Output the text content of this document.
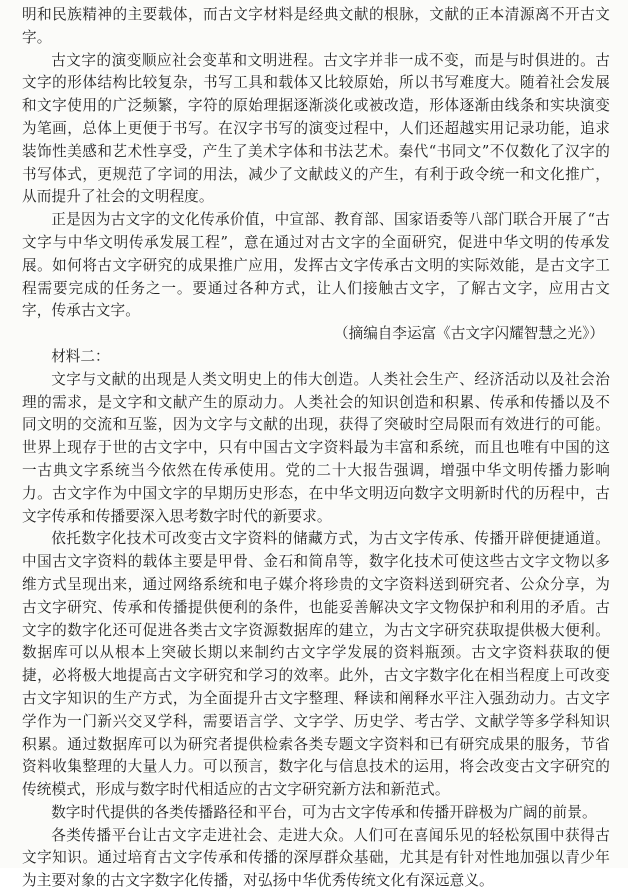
明和民族精神的主要载体，而古文字材料是经典文献的根脉，文献的正本清源离不开古文字。

古文字的演变顺应社会变革和文明进程。古文字并非一成不变，而是与时俱进的。古文字的形体结构比较复杂，书写工具和载体又比较原始，所以书写难度大。随着社会发展和文字使用的广泛频繁，字符的原始理据逐渐淡化或被改造，形体逐渐由线条和实块演变为笔画，总体上更便于书写。在汉字书写的演变过程中，人们还超越实用记录功能，追求装饰性美感和艺术性享受，产生了美术字体和书法艺术。秦代“书同文”不仅数化了汉字的书写体式，更规范了字词的用法，减少了文献歧义的产生，有利于政令统一和文化推广，从而提升了社会的文明程度。

正是因为古文字的文化传承价值，中宣部、教育部、国家语委等八部门联合开展了“古文字与中华文明传承发展工程”，意在通过对古文字的全面研究，促进中华文明的传承发展。如何将古文字研究的成果推广应用，发挥古文字传承古文明的实际效能，是古文字工程需要完成的任务之一。要通过各种方式，让人们接触古文字，了解古文字，应用古文字，传承古文字。

（摘编自李运富《古文字闪耀智慧之光》）

材料二：

文字与文献的出现是人类文明史上的伟大创造。人类社会生产、经济活动以及社会治理的需求，是文字和文献产生的原动力。人类社会的知识创造和积累、传承和传播以及不同文明的交流和互鉴，因为文字与文献的出现，获得了突破时空局限而有效进行的可能。世界上现存于世的古文字中，只有中国古文字资料最为丰富和系统，而且也唯有中国的这一古典文字系统当今依然在传承使用。党的二十大报告强调，增强中华文明传播力影响力。古文字作为中国文字的早期历史形态，在中华文明迈向数字文明新时代的历程中，古文字传承和传播要深入思考数字时代的新要求。

依托数字化技术可改变古文字资料的储藏方式，为古文字传承、传播开辟便捷通道。中国古文字资料的载体主要是甲骨、金石和简帛等，数字化技术可使这些古文字文物以多维方式呈现出来，通过网络系统和电子媒介将珍贵的文字资料送到研究者、公众分享，为古文字研究、传承和传播提供便利的条件，也能妥善解决文字文物保护和利用的矛盾。古文字的数字化还可促进各类古文字资源数据库的建立，为古文字研究获取提供极大便利。数据库可以从根本上突破长期以来制约古文字学发展的资料瓶颈。古文字资料获取的便捷，必将极大地提高古文字研究和学习的效率。此外，古文字数字化在相当程度上可改变古文字知识的生产方式，为全面提升古文字整理、释读和阐释水平注入强劲动力。古文字学作为一门新兴交叉学科，需要语言学、文字学、历史学、考古学、文献学等多学科知识积累。通过数据库可以为研究者提供检索各类专题文字资料和已有研究成果的服务，节省资料收集整理的大量人力。可以预言，数字化与信息技术的运用，将会改变古文字研究的传统模式，形成与数字时代相适应的古文字研究新方法和新范式。

数字时代提供的各类传播路径和平台，可为古文字传承和传播开辟极为广阔的前景。

各类传播平台让古文字走进社会、走进大众。人们可在喜闻乐见的轻松氛围中获得古文字知识。通过培育古文字传承和传播的深厚群众基础，尤其是有针对性地加强以青少年为主要对象的古文字数字化传播，对弘扬中华优秀传统文化有深远意义。
